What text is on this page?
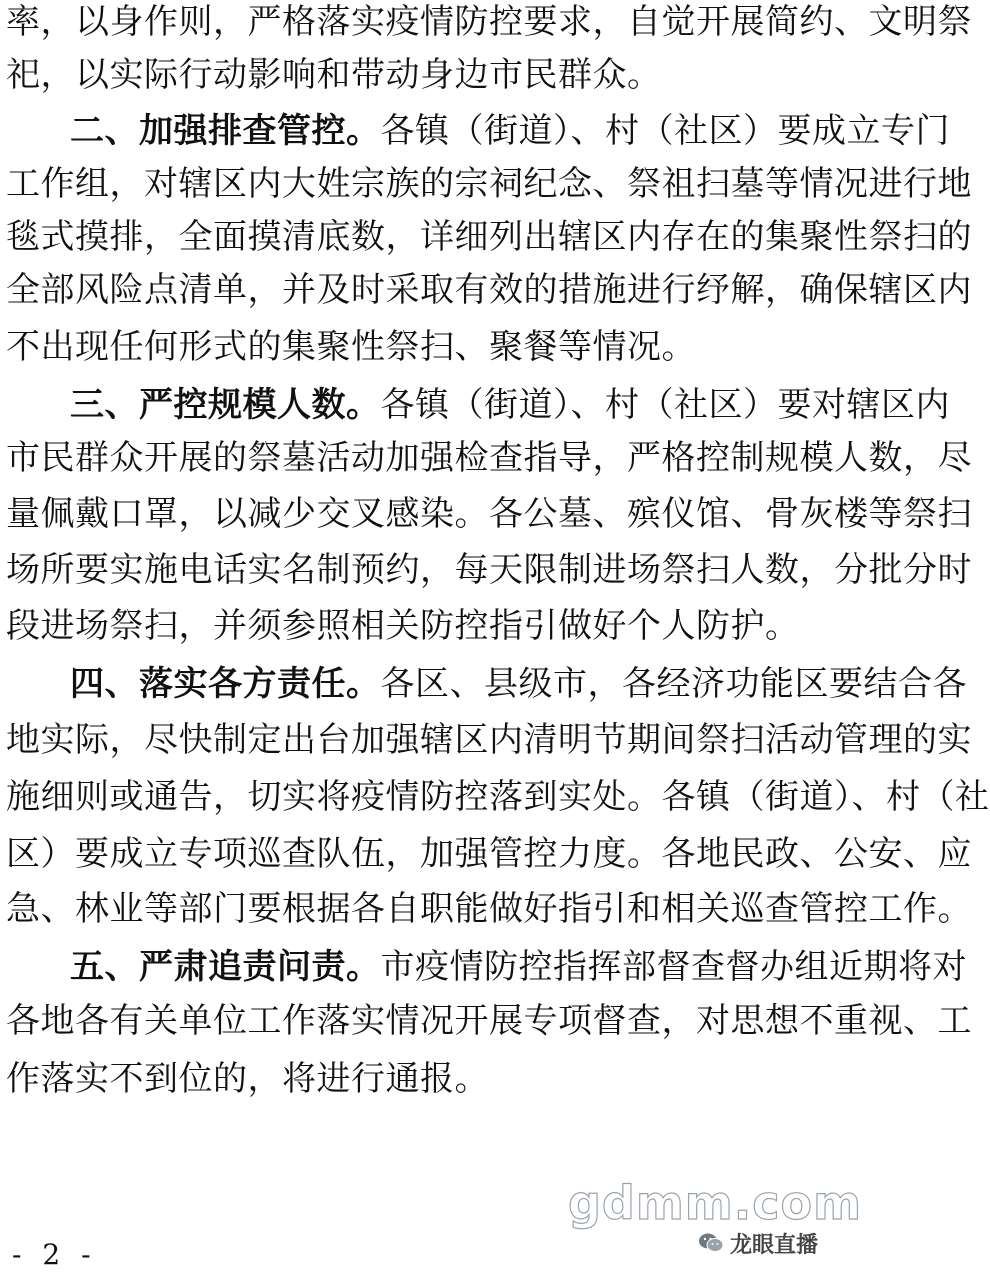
率，以身作则，严格落实疫情防控要求，自觉开展简约、文明祭
祀，以实际行动影响和带动身边市民群众。
二、加强排查管控。各镇（街道）、村（社区）要成立专门
工作组，对辖区内大姓宗族的宗祠纪念、祭祖扫墓等情况进行地
毯式摸排，全面摸清底数，详细列出辖区内存在的集聚性祭扫的
全部风险点清单，并及时采取有效的措施进行纾解，确保辖区内
不出现任何形式的集聚性祭扫、聚餐等情况。
三、严控规模人数。各镇（街道）、村（社区）要对辖区内
市民群众开展的祭墓活动加强检查指导，严格控制规模人数，尽
量佩戴口罩，以减少交叉感染。各公墓、殡仪馆、骨灰楼等祭扫
场所要实施电话实名制预约，每天限制进场祭扫人数，分批分时
段进场祭扫，并须参照相关防控指引做好个人防护。
四、落实各方责任。各区、县级市，各经济功能区要结合各
地实际，尽快制定出台加强辖区内清明节期间祭扫活动管理的实
施细则或通告，切实将疫情防控落到实处。各镇（街道）、村（社
区）要成立专项巡查队伍，加强管控力度。各地民政、公安、应
急、林业等部门要根据各自职能做好指引和相关巡查管控工作。
五、严肃追责问责。市疫情防控指挥部督查督办组近期将对
各地各有关单位工作落实情况开展专项督查，对思想不重视、工
作落实不到位的，将进行通报。
gdmm.com
- 2 -	龙眼直播
